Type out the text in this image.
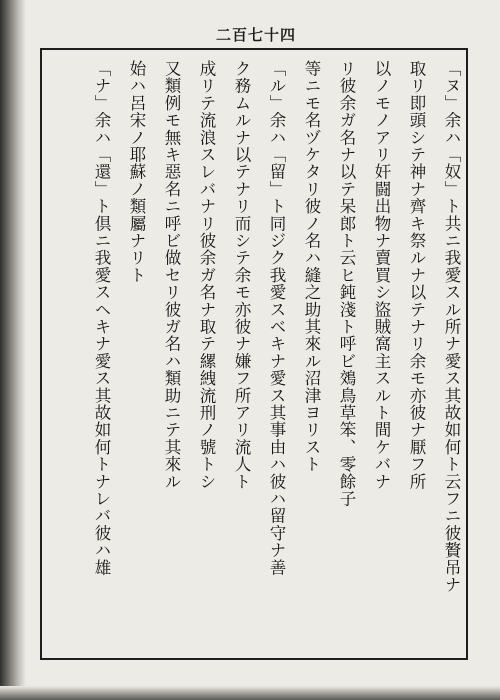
二百七十四
「ヌ」余ハ「奴」ト共ニ我愛スル所ナ愛ス其故如何ト云フニ彼贅吊ナ
取リ即頭シテ神ナ齊キ祭ルナ以テナリ余モ亦彼ナ厭フ所
以ノモノアリ奸闘出物ナ賣買シ盜賊窩主スルト間ケバナ
リ彼余ガ名ナ以テ呆郎ト云ヒ鈍淺ト呼ビ鵁鳥草笨、零餘子
等ニモ名ヅケタリ彼ノ名ハ縫之助其來ル沼津ヨリスト
「ル」余ハ「留」ト同ジク我愛スベキナ愛ス其事由ハ彼ハ留守ナ善
ク務ムルナ以テナリ而シテ余モ亦彼ナ嫌フ所アリ流人ト
成リテ流浪スレバナリ彼余ガ名ナ取テ縲絏流刑ノ號トシ
又類例モ無キ惡名ニ呼ビ做セリ彼ガ名ハ類助ニテ其來ル
始ハ呂宋ノ耶蘇ノ類屬ナリト
「ナ」余ハ「還」ト倶ニ我愛スヘキナ愛ス其故如何トナレバ彼ハ雄
